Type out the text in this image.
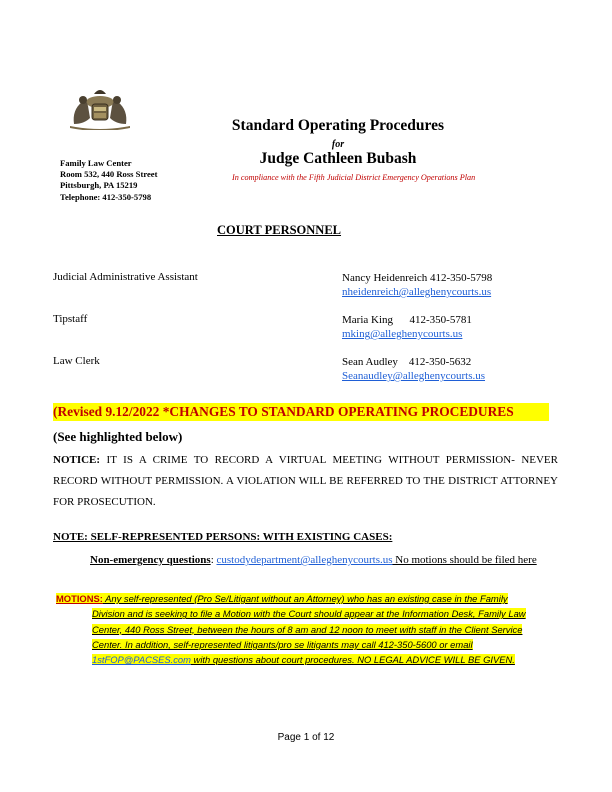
Family Law Center
Room 532, 440 Ross Street
Pittsburgh, PA 15219
Telephone: 412-350-5798
Standard Operating Procedures
for
Judge Cathleen Bubash
In compliance with the Fifth Judicial District Emergency Operations Plan
COURT PERSONNEL
Judicial Administrative Assistant	Nancy Heidenreich 412-350-5798
nheidenreich@alleghenycourts.us
Tipstaff	Maria King      412-350-5781
mking@alleghenycourts.us
Law Clerk	Sean Audley    412-350-5632
Seanaudley@alleghenycourts.us
(Revised 9.12/2022 *CHANGES TO STANDARD OPERATING PROCEDURES
(See highlighted below)
NOTICE: IT IS A CRIME TO RECORD A VIRTUAL MEETING WITHOUT PERMISSION- NEVER RECORD WITHOUT PERMISSION. A VIOLATION WILL BE REFERRED TO THE DISTRICT ATTORNEY FOR PROSECUTION.
NOTE: SELF-REPRESENTED PERSONS: WITH EXISTING CASES:
Non-emergency questions: custodydepartment@alleghenycourts.us No motions should be filed here
MOTIONS: Any self-represented (Pro Se/Litigant without an Attorney) who has an existing case in the Family
Division and is seeking to file a Motion with the Court should appear at the Information Desk, Family Law
Center, 440 Ross Street, between the hours of 8 am and 12 noon to meet with staff in the Client Service
Center. In addition, self-represented litigants/pro se litigants may call 412-350-5600 or email
1stFOP@PACSES.com with questions about court procedures. NO LEGAL ADVICE WILL BE GIVEN.
Page 1 of 12
